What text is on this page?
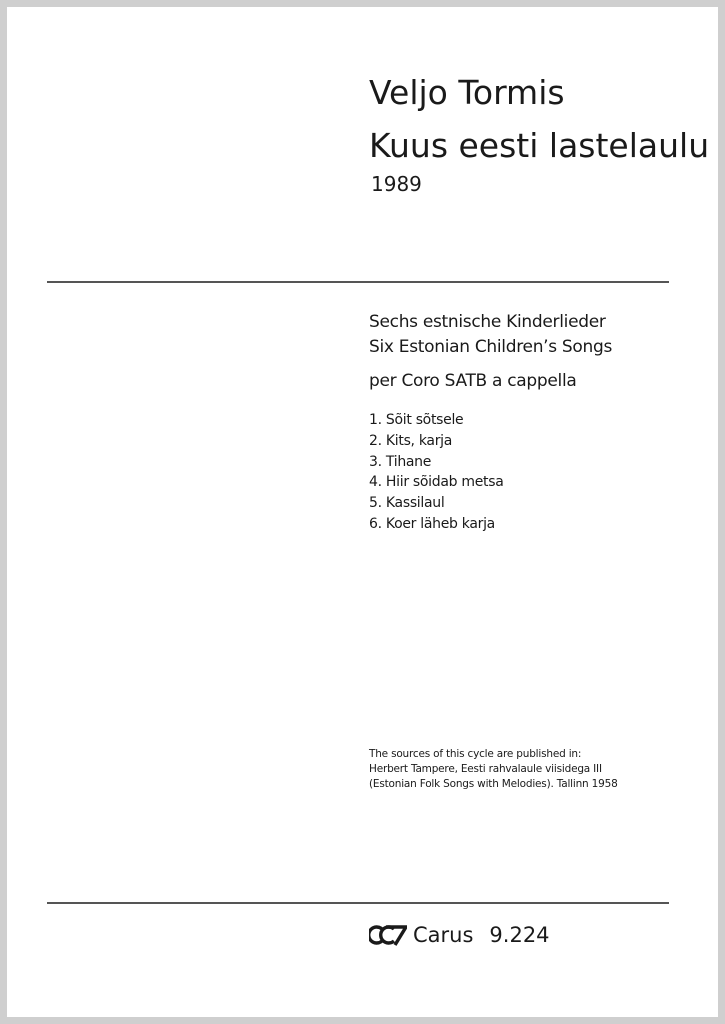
Veljo Tormis
Kuus eesti lastelaulu
1989
Sechs estnische Kinderlieder
Six Estonian Children’s Songs
per Coro SATB a cappella
1. Sõit sõtsele
2. Kits, karja
3. Tihane
4. Hiir sõidab metsa
5. Kassilaul
6. Koer läheb karja
The sources of this cycle are published in:
Herbert Tampere, Eesti rahvalaule viisidega III
(Estonian Folk Songs with Melodies). Tallinn 1958
Carus 9.224
